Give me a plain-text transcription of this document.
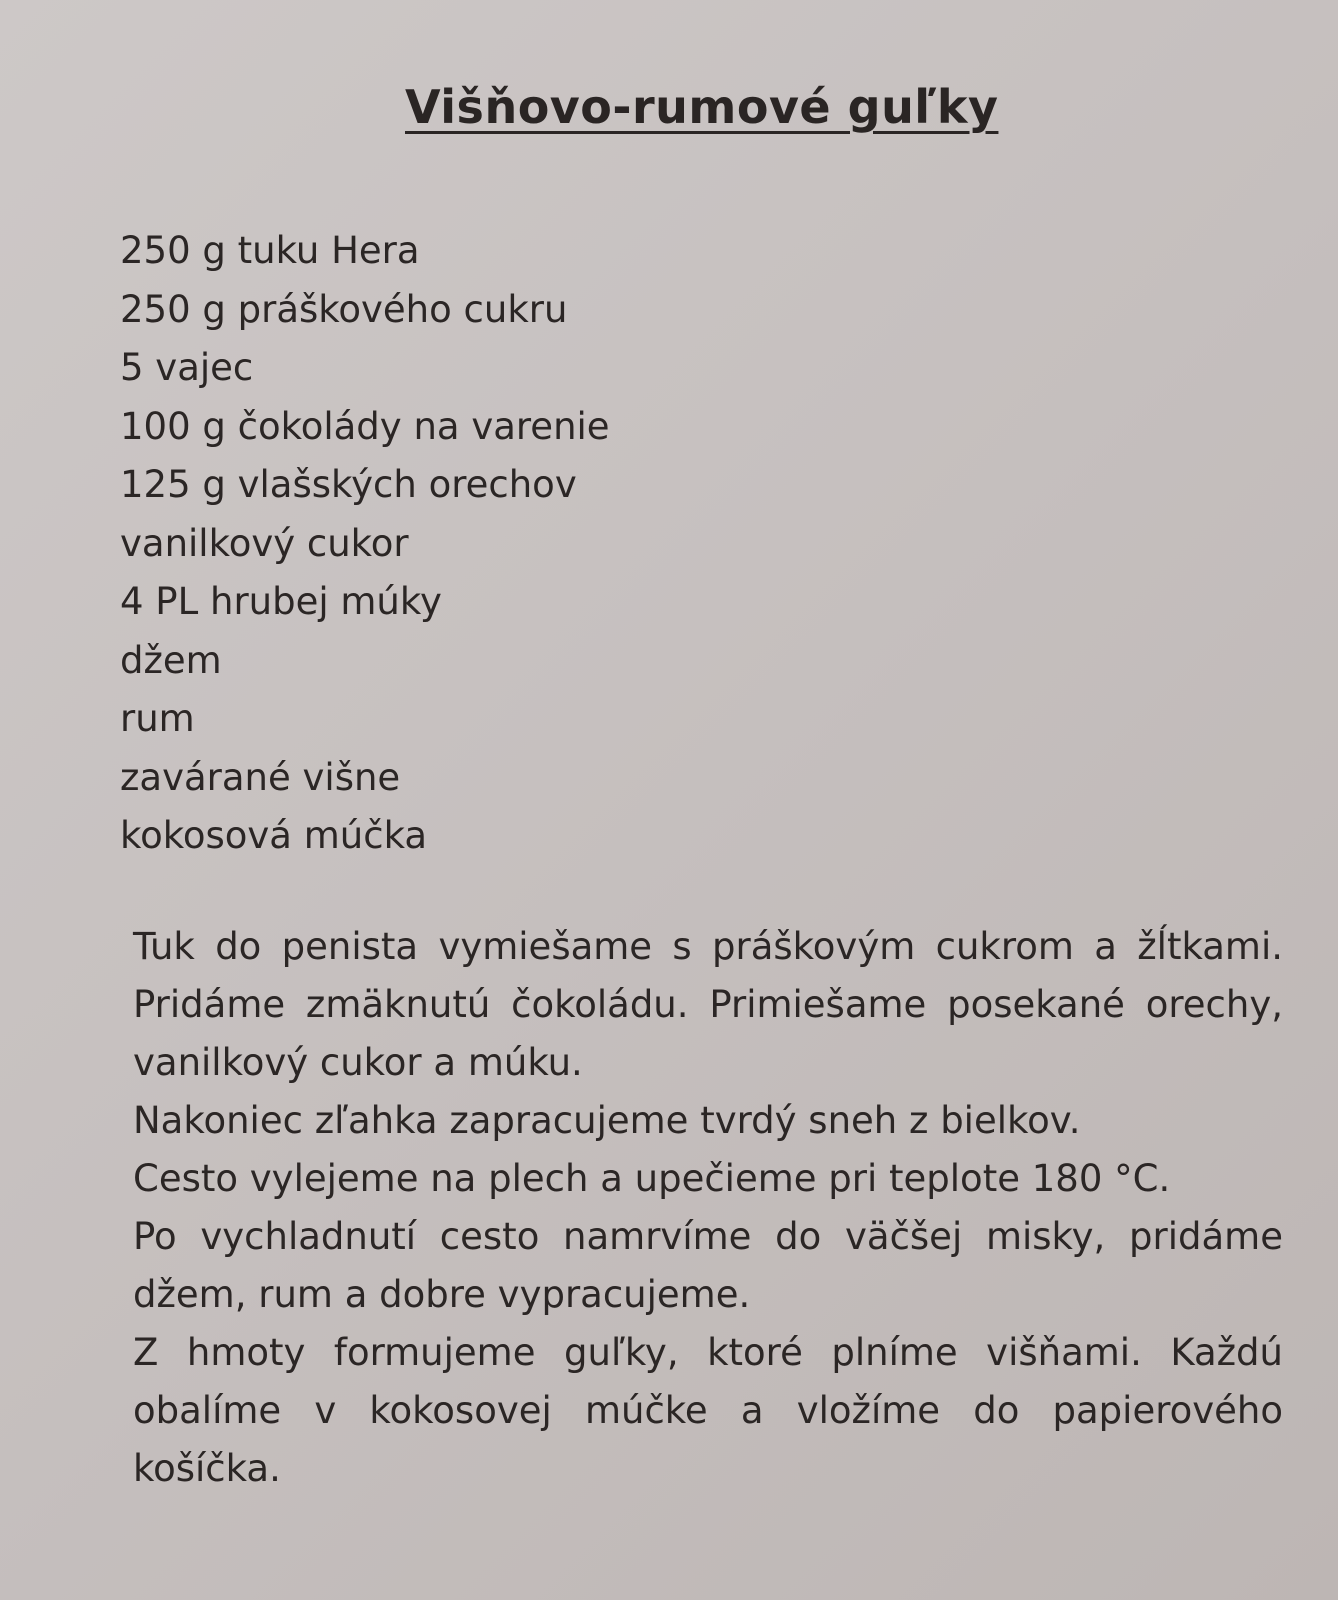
Višňovo-rumové guľky
250 g tuku Hera
250 g práškového cukru
5 vajec
100 g čokolády na varenie
125 g vlašských orechov
vanilkový cukor
4 PL hrubej múky
džem
rum
zavárané višne
kokosová múčka

Tuk do penista vymiešame s práškovým cukrom a žĺtkami. Pridáme zmäknutú čokoládu. Primiešame posekané orechy, vanilkový cukor a múku.

Nakoniec zľahka zapracujeme tvrdý sneh z bielkov.

Cesto vylejeme na plech a upečieme pri teplote 180 °C.

Po vychladnutí cesto namrvíme do väčšej misky, pridáme džem, rum a dobre vypracujeme.

Z hmoty formujeme guľky, ktoré plníme višňami. Každú obalíme v kokosovej múčke a vložíme do papierového košíčka.
